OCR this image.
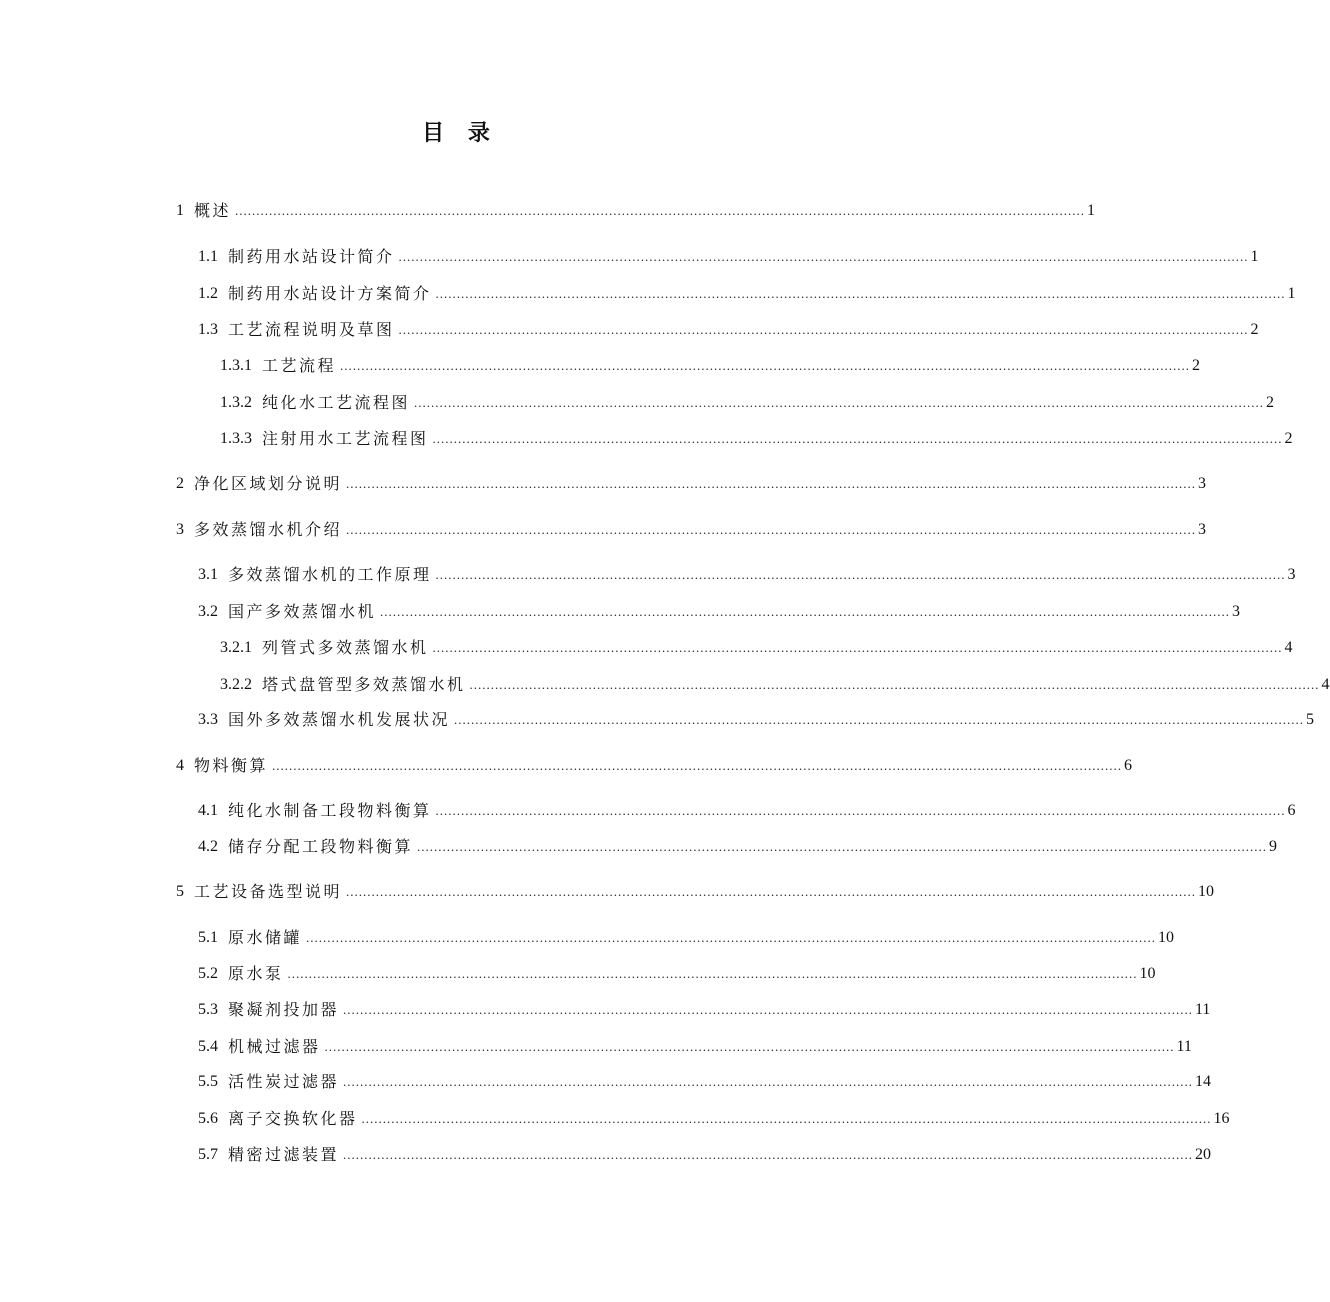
目 录
1 概述 ........................................................................................................................................................................................................ 1
1.1 制药用水站设计简介 ........................................................................................................................................................................................................ 1
1.2 制药用水站设计方案简介 ........................................................................................................................................................................................................ 1
1.3 工艺流程说明及草图 ........................................................................................................................................................................................................ 2
1.3.1 工艺流程 ........................................................................................................................................................................................................ 2
1.3.2 纯化水工艺流程图 ........................................................................................................................................................................................................ 2
1.3.3 注射用水工艺流程图 ........................................................................................................................................................................................................ 2
2 净化区域划分说明 ........................................................................................................................................................................................................ 3
3 多效蒸馏水机介绍 ........................................................................................................................................................................................................ 3
3.1 多效蒸馏水机的工作原理 ........................................................................................................................................................................................................ 3
3.2 国产多效蒸馏水机 ........................................................................................................................................................................................................ 3
3.2.1 列管式多效蒸馏水机 ........................................................................................................................................................................................................ 4
3.2.2 塔式盘管型多效蒸馏水机 ........................................................................................................................................................................................................ 4
3.3 国外多效蒸馏水机发展状况 ........................................................................................................................................................................................................ 5
4 物料衡算 ........................................................................................................................................................................................................ 6
4.1 纯化水制备工段物料衡算 ........................................................................................................................................................................................................ 6
4.2 储存分配工段物料衡算 ........................................................................................................................................................................................................ 9
5 工艺设备选型说明 ........................................................................................................................................................................................................ 10
5.1 原水储罐 ........................................................................................................................................................................................................ 10
5.2 原水泵 ........................................................................................................................................................................................................ 10
5.3 聚凝剂投加器 ........................................................................................................................................................................................................ 11
5.4 机械过滤器 ........................................................................................................................................................................................................ 11
5.5 活性炭过滤器 ........................................................................................................................................................................................................ 14
5.6 离子交换软化器 ........................................................................................................................................................................................................ 16
5.7 精密过滤装置 ........................................................................................................................................................................................................ 20
